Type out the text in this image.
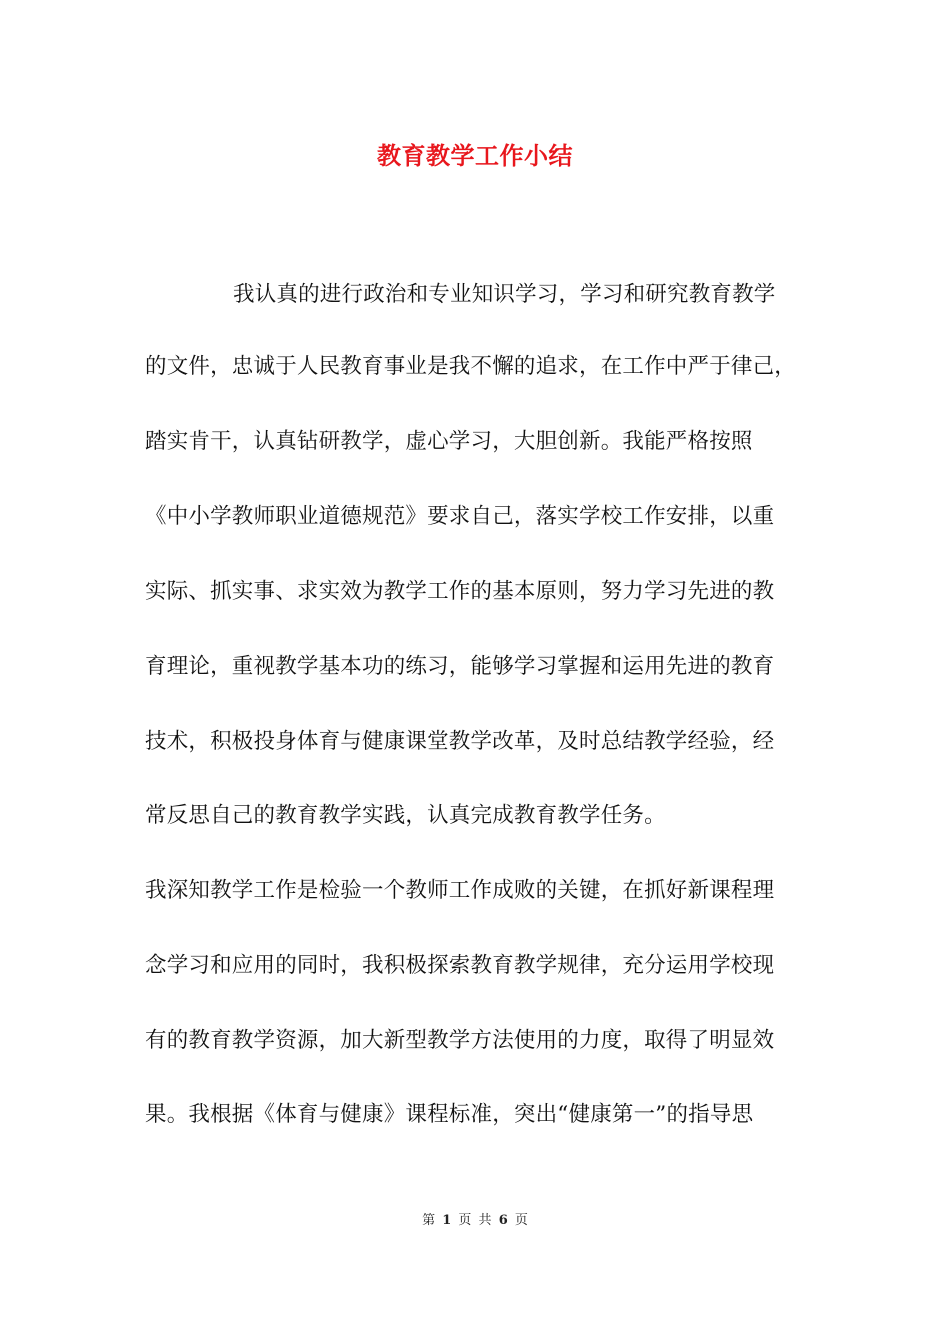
教育教学工作小结
我认真的进行政治和专业知识学习，学习和研究教育教学
的文件，忠诚于人民教育事业是我不懈的追求，在工作中严于律己，
踏实肯干，认真钻研教学，虚心学习，大胆创新。我能严格按照
《中小学教师职业道德规范》要求自己，落实学校工作安排，以重
实际、抓实事、求实效为教学工作的基本原则，努力学习先进的教
育理论，重视教学基本功的练习，能够学习掌握和运用先进的教育
技术，积极投身体育与健康课堂教学改革，及时总结教学经验，经
常反思自己的教育教学实践，认真完成教育教学任务。
我深知教学工作是检验一个教师工作成败的关键，在抓好新课程理
念学习和应用的同时，我积极探索教育教学规律，充分运用学校现
有的教育教学资源，加大新型教学方法使用的力度，取得了明显效
果。我根据《体育与健康》课程标准，突出“健康第一”的指导思
第 1 页 共 6 页
